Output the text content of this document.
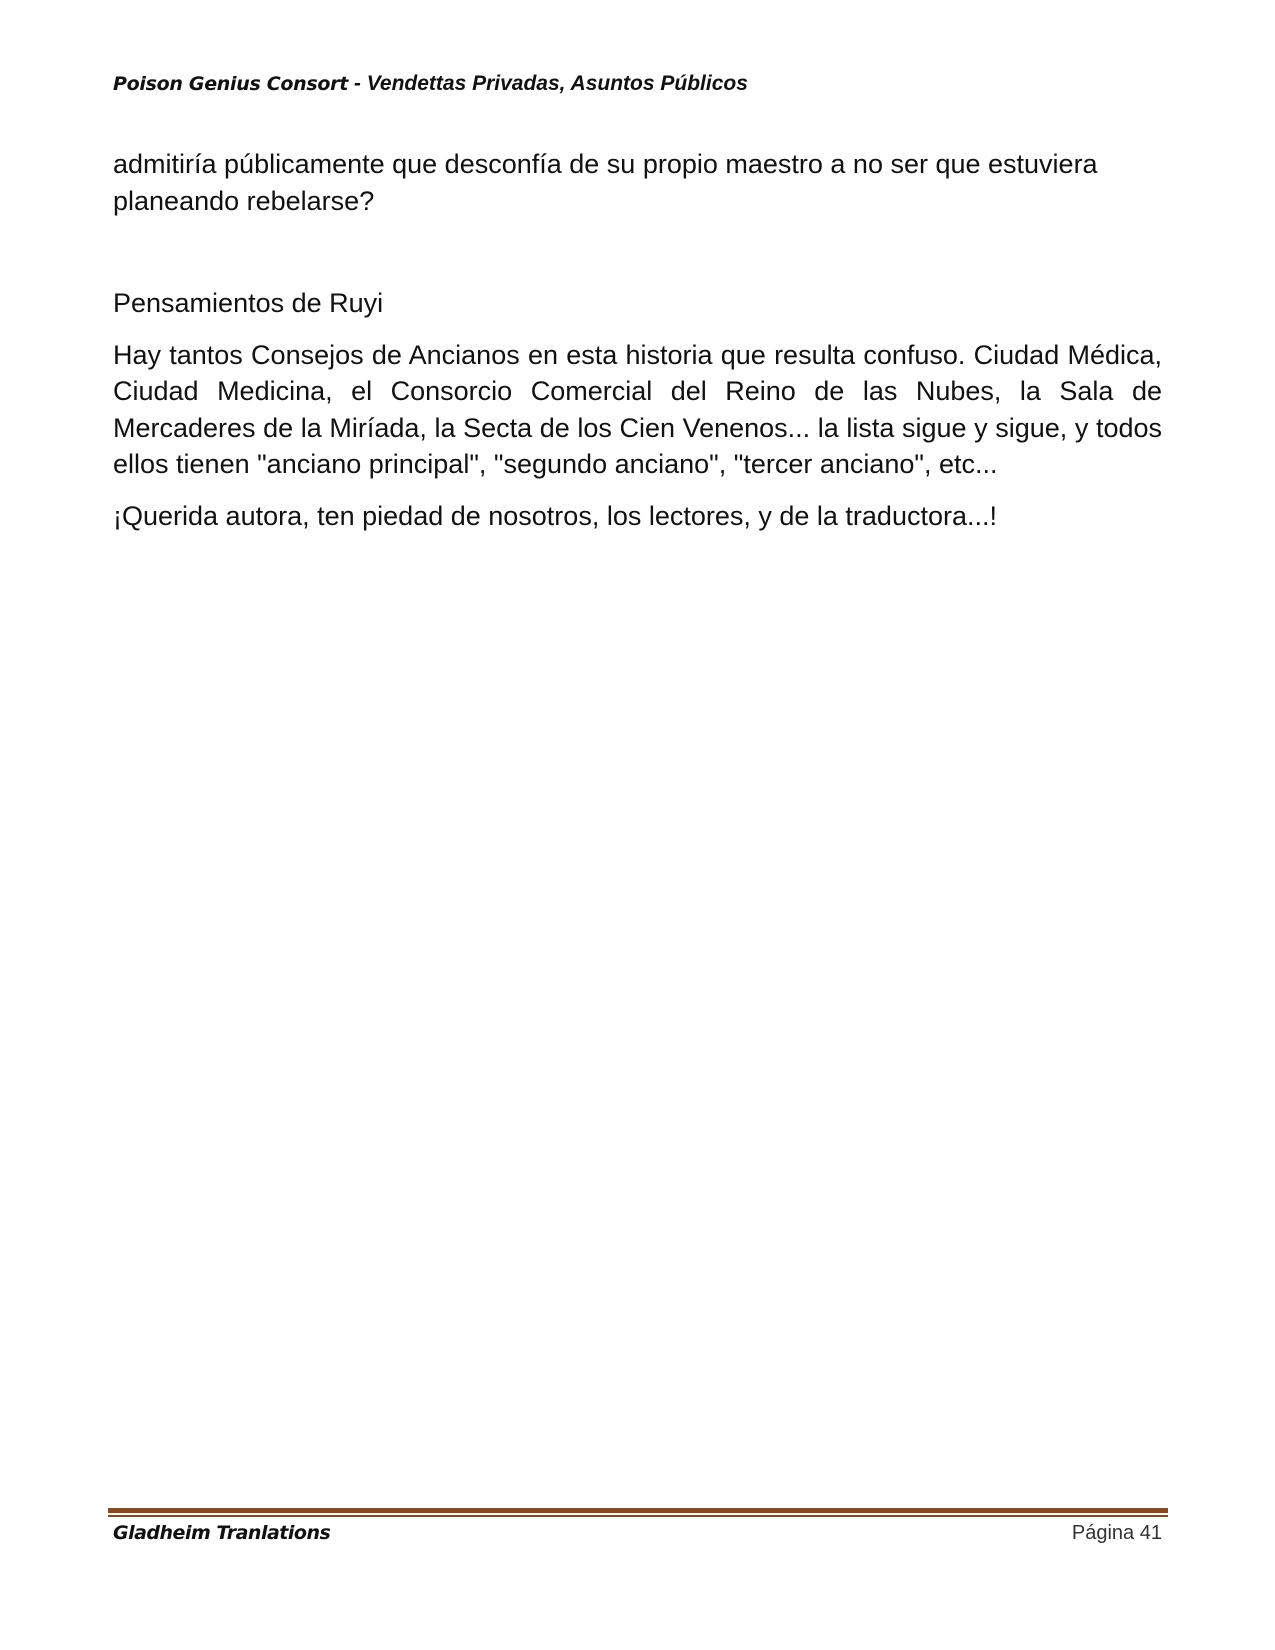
Poison Genius Consort - Vendettas Privadas, Asuntos Públicos

admitiría públicamente que desconfía de su propio maestro a no ser que estuviera planeando rebelarse?

Pensamientos de Ruyi

Hay tantos Consejos de Ancianos en esta historia que resulta confuso. Ciudad Médica, Ciudad Medicina, el Consorcio Comercial del Reino de las Nubes, la Sala de Mercaderes de la Miríada, la Secta de los Cien Venenos... la lista sigue y sigue, y todos ellos tienen "anciano principal", "segundo anciano", "tercer anciano", etc...

¡Querida autora, ten piedad de nosotros, los lectores, y de la traductora...!

Gladheim Tranlations	Página 41
